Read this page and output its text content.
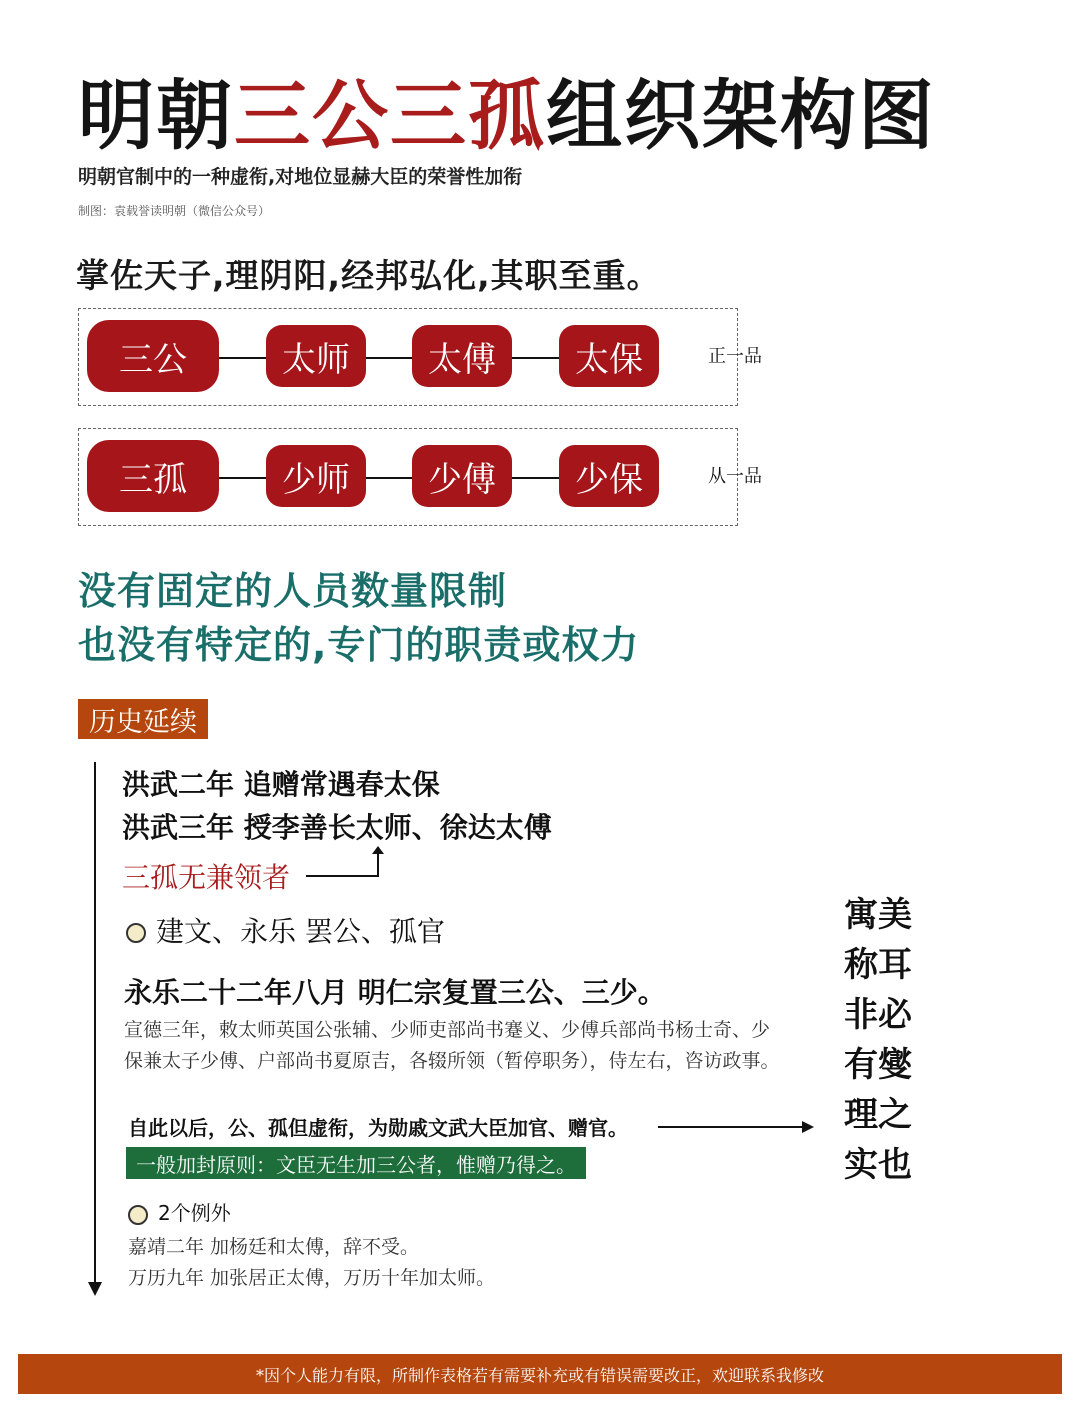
明朝三公三孤组织架构图
明朝官制中的一种虚衔,对地位显赫大臣的荣誉性加衔
制图：袁载誉读明朝（微信公众号）
掌佐天子,理阴阳,经邦弘化,其职至重。
三公	太师	太傅	太保	正一品
三孤	少师	少傅	少保	从一品
没有固定的人员数量限制
也没有特定的,专门的职责或权力
历史延续
洪武二年 追赠常遇春太保
洪武三年 授李善长太师、徐达太傅
三孤无兼领者
建文、永乐 罢公、孤官
永乐二十二年八月 明仁宗复置三公、三少。
宣德三年，敕太师英国公张辅、少师吏部尚书蹇义、少傅兵部尚书杨士奇、少保兼太子少傅、户部尚书夏原吉，各辍所领（暂停职务），侍左右，咨访政事。
自此以后，公、孤但虚衔，为勋戚文武大臣加官、赠官。
一般加封原则：文臣无生加三公者，惟赠乃得之。
2个例外
嘉靖二年 加杨廷和太傅，辞不受。
万历九年 加张居正太傅，万历十年加太师。
寓美
称耳
非必
有燮
理之
实也
*因个人能力有限，所制作表格若有需要补充或有错误需要改正，欢迎联系我修改
